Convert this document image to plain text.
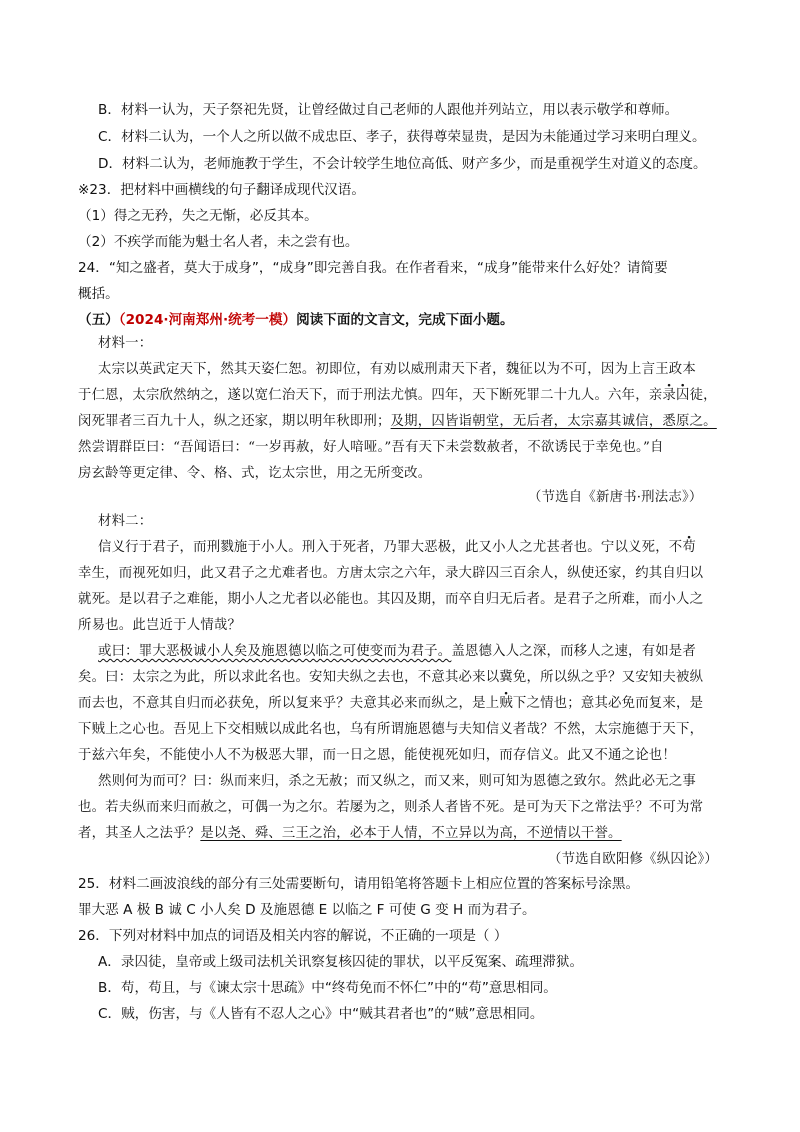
B．材料一认为，天子祭祀先贤，让曾经做过自己老师的人跟他并列站立，用以表示敬学和尊师。
C．材料二认为，一个人之所以做不成忠臣、孝子，获得尊荣显贵，是因为未能通过学习来明白理义。
D．材料二认为，老师施教于学生，不会计较学生地位高低、财产多少，而是重视学生对道义的态度。
※23．把材料中画横线的句子翻译成现代汉语。
（1）得之无矜，失之无惭，必反其本。
（2）不疾学而能为魁士名人者，未之尝有也。
24．“知之盛者，莫大于成身”，“成身”即完善自我。在作者看来，“成身”能带来什么好处？请简要
概括。
（五）（2024·河南郑州·统考一模）阅读下面的文言文，完成下面小题。
材料一：
太宗以英武定天下，然其天姿仁恕。初即位，有劝以威刑肃天下者，魏征以为不可，因为上言王政本
于仁恩，太宗欣然纳之，遂以宽仁治天下，而于刑法尤慎。四年，天下断死罪二十九人。六年，亲录囚徒，
闵死罪者三百九十人，纵之还家，期以明年秋即刑；及期，囚皆诣朝堂，无后者，太宗嘉其诚信，悉原之。
然尝谓群臣曰：“吾闻语曰：“一岁再赦，好人喑哑。”吾有天下未尝数赦者，不欲诱民于幸免也。”自
房玄龄等更定律、令、格、式，讫太宗世，用之无所变改。
（节选自《新唐书·刑法志》）
材料二：
信义行于君子，而刑戮施于小人。刑入于死者，乃罪大恶极，此又小人之尤甚者也。宁以义死，不苟
幸生，而视死如归，此又君子之尤难者也。方唐太宗之六年，录大辟囚三百余人，纵使还家，约其自归以
就死。是以君子之难能，期小人之尤者以必能也。其囚及期，而卒自归无后者。是君子之所难，而小人之
所易也。此岂近于人情哉？
或曰：罪大恶极诚小人矣及施恩德以临之可使变而为君子。盖恩德入人之深，而移人之速，有如是者
矣。曰：太宗之为此，所以求此名也。安知夫纵之去也，不意其必来以冀免，所以纵之乎？又安知夫被纵
而去也，不意其自归而必获免，所以复来乎？夫意其必来而纵之，是上贼下之情也；意其必免而复来，是
下贼上之心也。吾见上下交相贼以成此名也，乌有所谓施恩德与夫知信义者哉？不然，太宗施德于天下，
于兹六年矣，不能使小人不为极恶大罪，而一日之恩，能使视死如归，而存信义。此又不通之论也！
然则何为而可？曰：纵而来归，杀之无赦；而又纵之，而又来，则可知为恩德之致尔。然此必无之事
也。若夫纵而来归而赦之，可偶一为之尔。若屡为之，则杀人者皆不死。是可为天下之常法乎？不可为常
者，其圣人之法乎？是以尧、舜、三王之治，必本于人情，不立异以为高，不逆情以干誉。
（节选自欧阳修《纵囚论》）
25．材料二画波浪线的部分有三处需要断句，请用铅笔将答题卡上相应位置的答案标号涂黑。
罪大恶 A 极 B 诚 C 小人矣 D 及施恩德 E 以临之 F 可使 G 变 H 而为君子。
26．下列对材料中加点的词语及相关内容的解说，不正确的一项是（ ）
A．录囚徒，皇帝或上级司法机关讯察复核囚徒的罪状，以平反冤案、疏理滞狱。
B．苟，苟且，与《谏太宗十思疏》中“终苟免而不怀仁”中的“苟”意思相同。
C．贼，伤害，与《人皆有不忍人之心》中“贼其君者也”的“贼”意思相同。
